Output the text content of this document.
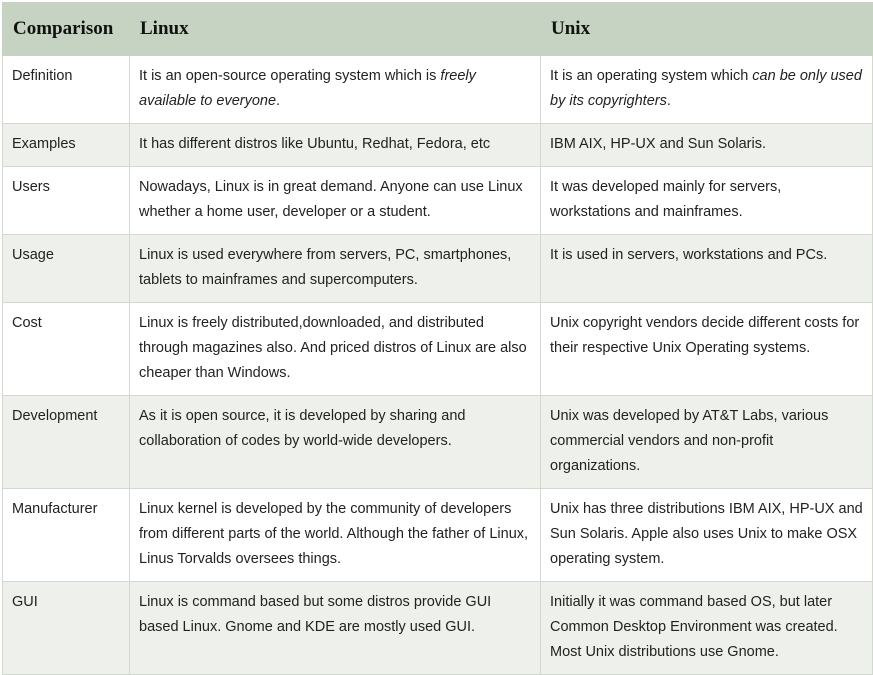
Comparison	Linux	Unix
Definition	It is an open-source operating system which is freely available to everyone.	It is an operating system which can be only used by its copyrighters.
Examples	It has different distros like Ubuntu, Redhat, Fedora, etc	IBM AIX, HP-UX and Sun Solaris.
Users	Nowadays, Linux is in great demand. Anyone can use Linux whether a home user, developer or a student.	It was developed mainly for servers, workstations and mainframes.
Usage	Linux is used everywhere from servers, PC, smartphones, tablets to mainframes and supercomputers.	It is used in servers, workstations and PCs.
Cost	Linux is freely distributed,downloaded, and distributed through magazines also. And priced distros of Linux are also cheaper than Windows.	Unix copyright vendors decide different costs for their respective Unix Operating systems.
Development	As it is open source, it is developed by sharing and collaboration of codes by world-wide developers.	Unix was developed by AT&T Labs, various commercial vendors and non-profit organizations.
Manufacturer	Linux kernel is developed by the community of developers from different parts of the world. Although the father of Linux, Linus Torvalds oversees things.	Unix has three distributions IBM AIX, HP-UX and Sun Solaris. Apple also uses Unix to make OSX operating system.
GUI	Linux is command based but some distros provide GUI based Linux. Gnome and KDE are mostly used GUI.	Initially it was command based OS, but later Common Desktop Environment was created. Most Unix distributions use Gnome.
